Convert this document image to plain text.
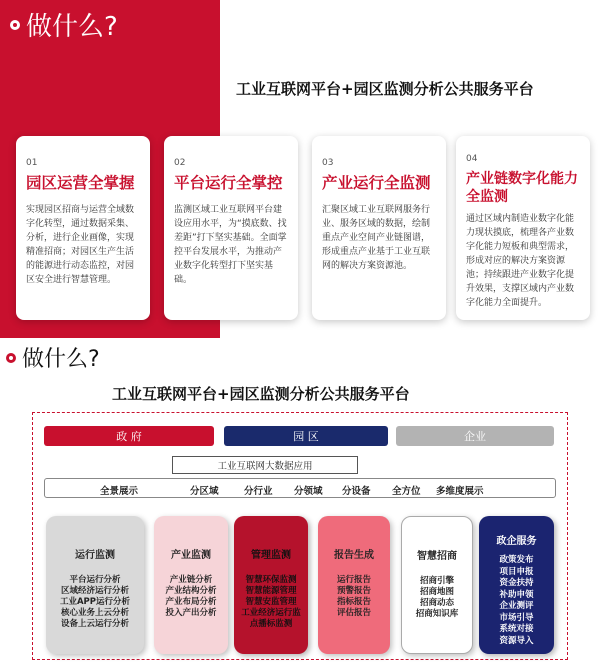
做什么?
工业互联网平台+园区监测分析公共服务平台
01
园区运营全掌握
实现园区招商与运营全域数字化转型，通过数据采集、分析，进行企业画像，实现精准招商；对园区生产生活的能源进行动态监控，对园区安全进行智慧管理。
02
平台运行全掌控
监测区域工业互联网平台建设应用水平，为“摸底数、找差距”打下坚实基础。全面掌控平台发展水平，为推动产业数字化转型打下坚实基础。
03
产业运行全监测
汇聚区域工业互联网服务行业、服务区域的数据，绘制重点产业空间产业链图谱，形成重点产业基于工业互联网的解决方案资源池。
04
产业链数字化能力全监测
通过区域内制造业数字化能力现状摸底，梳理各产业数字化能力短板和典型需求，形成对应的解决方案资源池；持续跟进产业数字化提升效果，支撑区域内产业数字化能力全面提升。
做什么?
工业互联网平台+园区监测分析公共服务平台
政 府	园 区	企业
工业互联网大数据应用
全景展示	分区域	分行业 分领域 分设备 全方位 多维度展示
运行监测
平台运行分析
区域经济运行分析
工业APP运行分析
核心业务上云分析
设备上云运行分析
产业监测
产业链分析
产业结构分析
产业布局分析
投入产出分析
管理监测
智慧环保监测
智慧能源管理
智慧安监管理
工业经济运行监
点播标监测
报告生成
运行报告
预警报告
指标报告
评估报告
智慧招商
招商引擎
招商地图
招商动态
招商知识库
政企服务
政策发布
项目申报
资金扶持
补助申领
企业测评
市场引导
系统对接
资源导入
